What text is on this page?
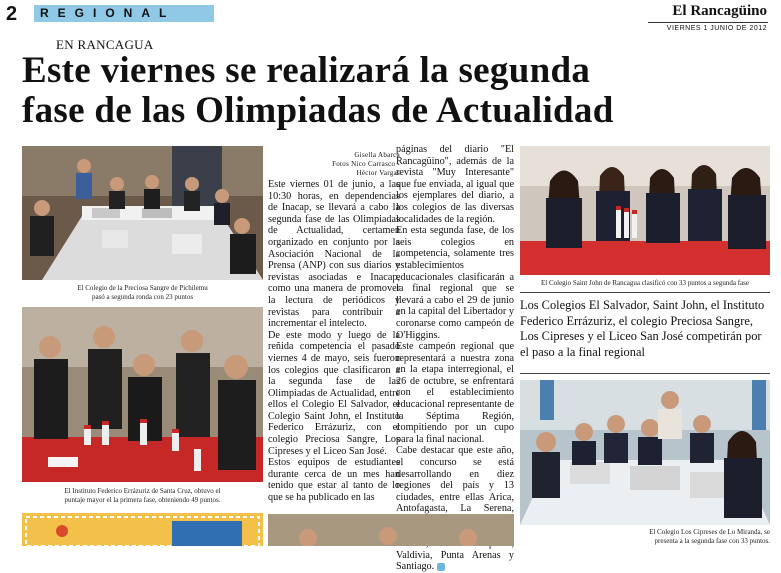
2 REGIONAL	El Rancagüino
VIERNES 1 JUNIO DE 2012
EN RANCAGUA
Este viernes se realizará la segunda
fase de las Olimpiadas de Actualidad
El Colegio de la Preciosa Sangre de Pichilemu
pasó a segunda ronda con 23 puntos
El Instituto Federico Errázuriz de Santa Cruz, obtuvo el
puntaje mayor el la primera fase, obteniendo 49 puntos.
Gisella Abarca
Fotos Nico Carrasco -
Héctor Vargas

Este viernes 01 de junio, a las 10:30 horas, en dependencias de Inacap, se llevará a cabo la segunda fase de las Olimpiadas de Actualidad, certamen organizado en conjunto por la Asociación Nacional de la Prensa (ANP) con sus diarios y revistas asociadas e Inacap, como una manera de promover la lectura de periódicos y revistas para contribuir a incrementar el intelecto.

De este modo y luego de la reñida competencia el pasado viernes 4 de mayo, seis fueron los colegios que clasificaron a la segunda fase de las Olimpiadas de Actualidad, entre ellos el Colegio El Salvador, el Colegio Saint John, el Instituto Federico Errázuriz, con el colegio Preciosa Sangre, Los Cipreses y el Liceo San José.

Estos equipos de estudiantes durante cerca de un mes han tenido que estar al tanto de lo que se ha publicado en las

páginas del diario "El Rancagüino", además de la revista "Muy Interesante" que fue enviada, al igual que los ejemplares del diario, a los colegios de las diversas localidades de la región.

En esta segunda fase, de los seis colegios en competencia, solamente tres establecimientos educacionales clasificarán a la final regional que se llevará a cabo el 29 de junio en la capital del Libertador y coronarse como campeón de O'Higgins.

Este campeón regional que representará a nuestra zona en la etapa interregional, el 26 de octubre, se enfrentará con el establecimiento educacional representante de la Séptima Región, compitiendo por un cupo para la final nacional.

Cabe destacar que este año, el concurso se está desarrollando en diez regiones del país y 13 ciudades, entre ellas Arica, Antofagasta, La Serena, Valdivia, Punta Arenas y Santiago.

El Colegio Saint John de Rancagua clasificó con 33 puntos a segunda fase
Los Colegios El Salvador, Saint John, el Instituto Federico Errázuriz, el colegio Preciosa Sangre, Los Cipreses y el Liceo San José competirán por el paso a la final regional
El Colegio Los Cipreses de Lo Miranda, se
presenta a la segunda fase con 33 puntos.
